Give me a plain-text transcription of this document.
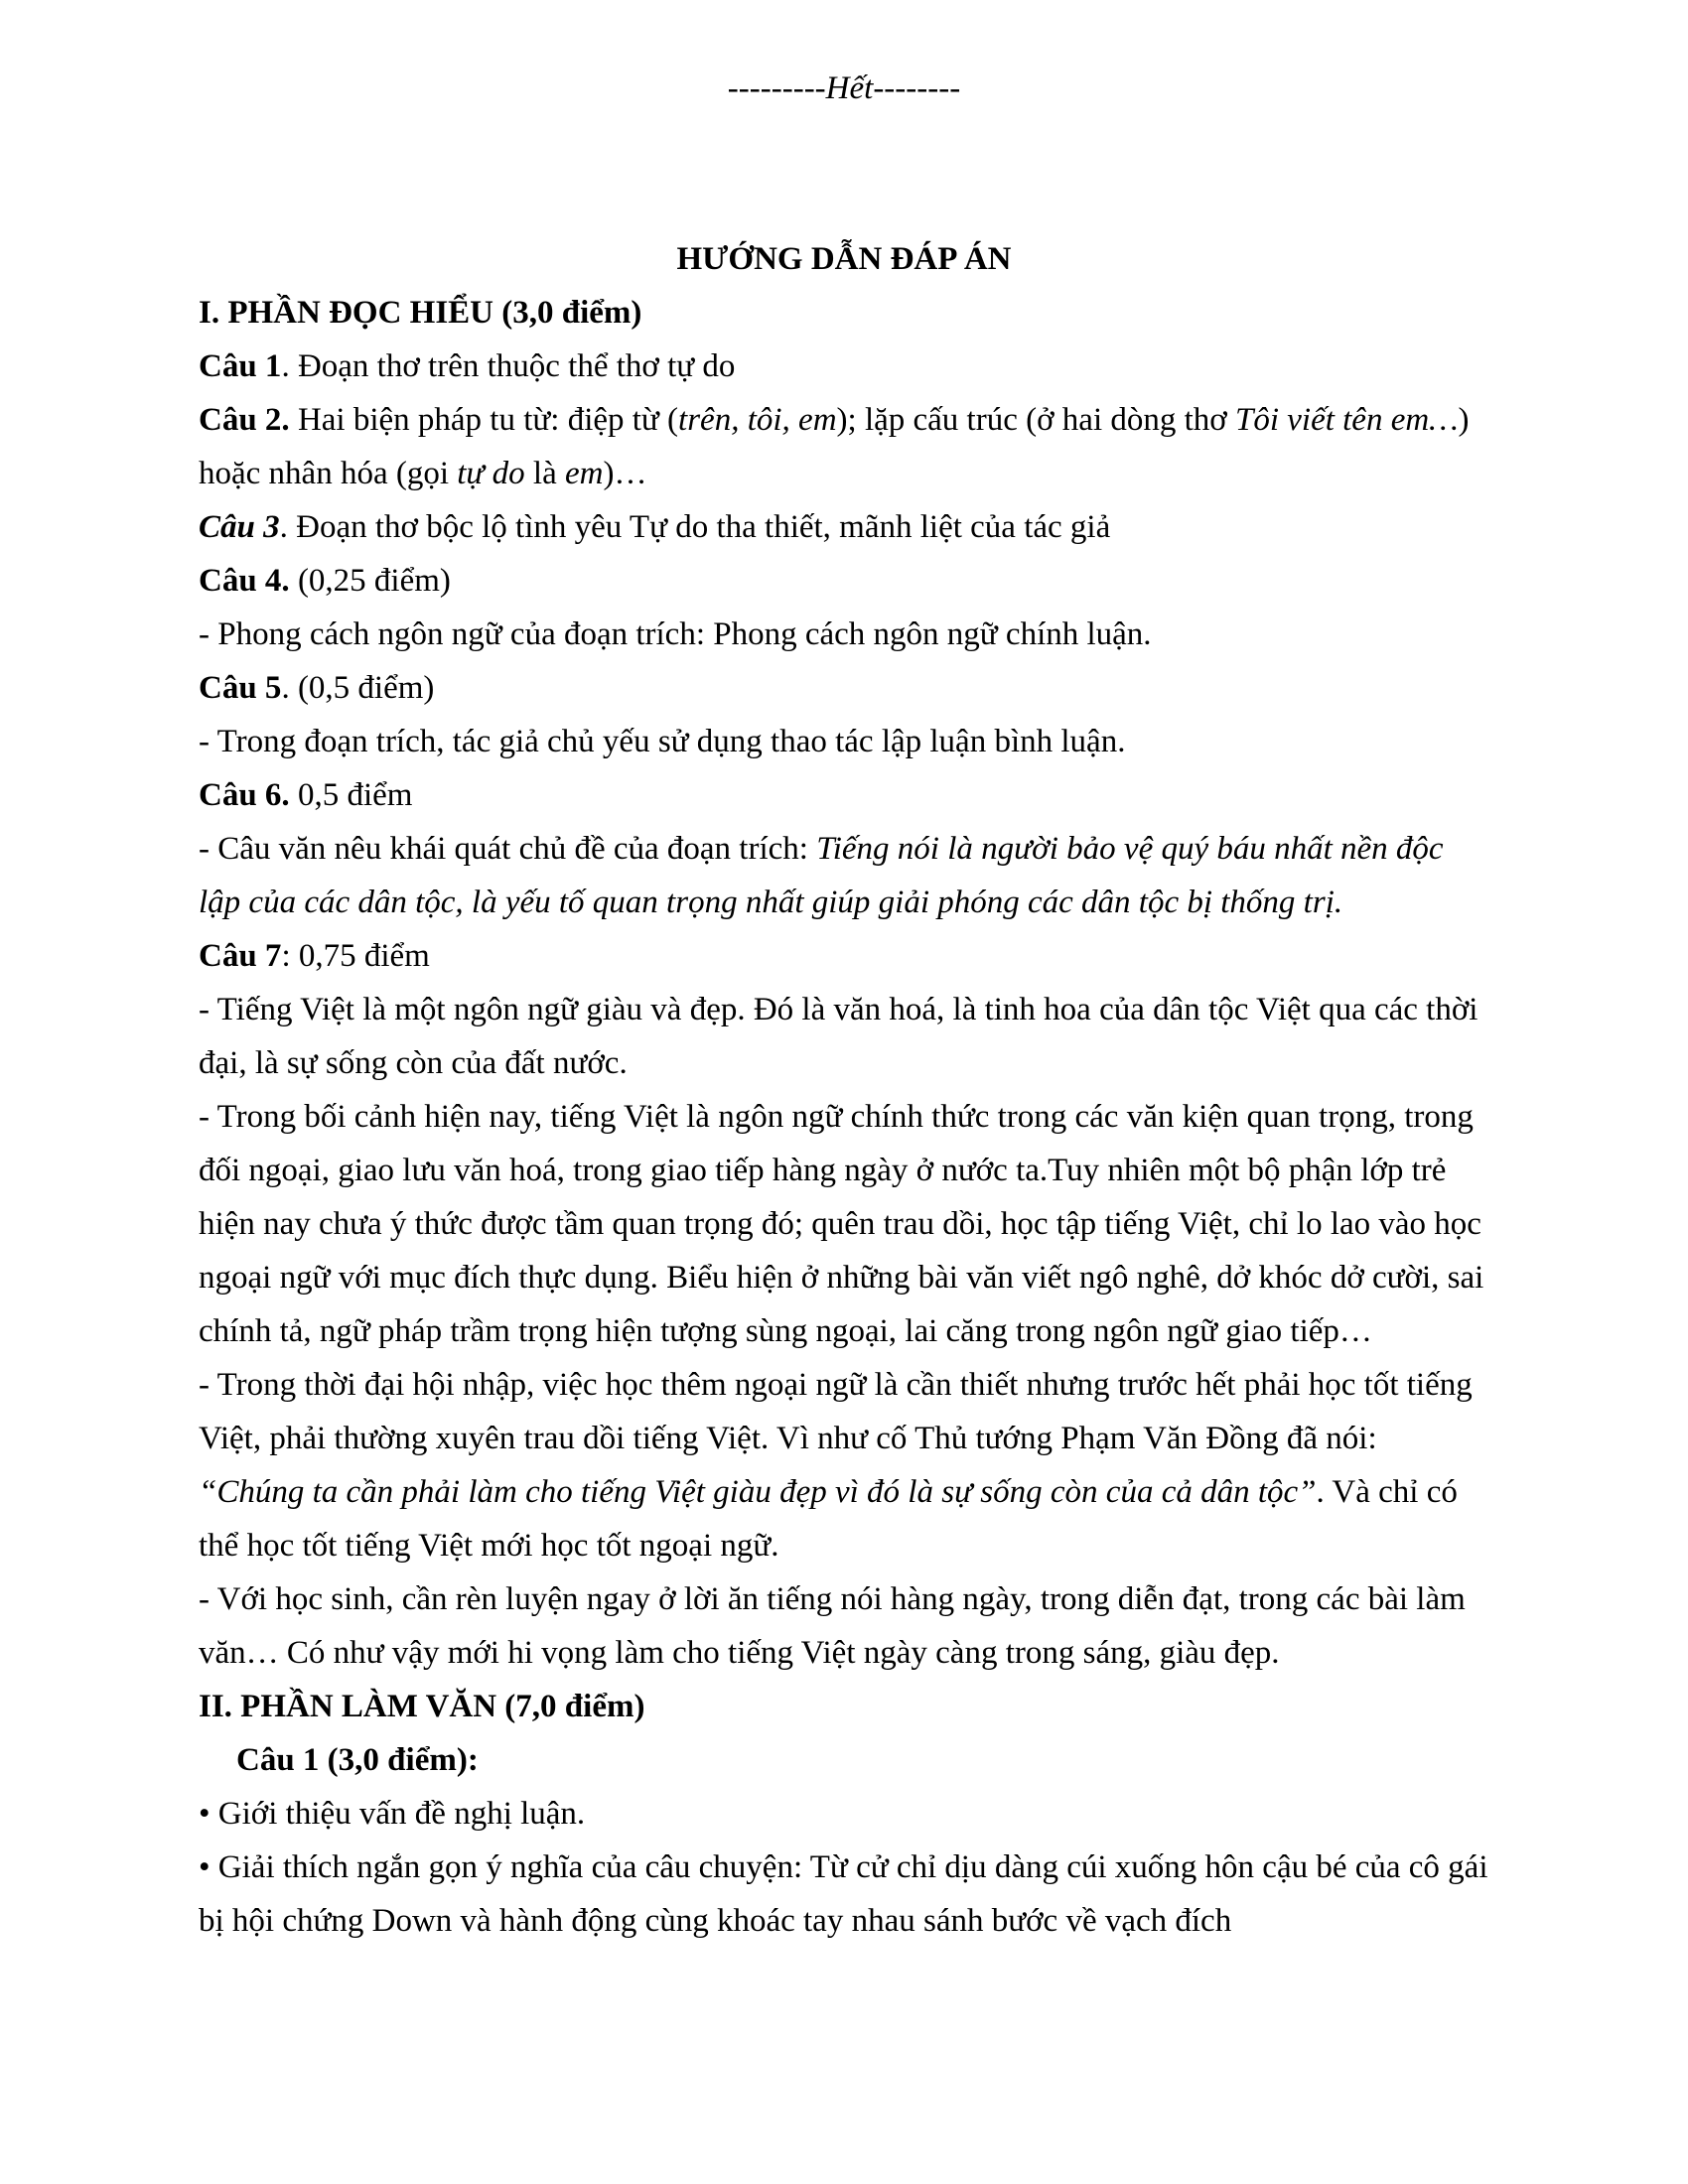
---------Hết--------
HƯỚNG DẪN ĐÁP ÁN
I. PHẦN ĐỌC HIỂU (3,0 điểm)
Câu 1. Đoạn thơ trên thuộc thể thơ tự do
Câu 2. Hai biện pháp tu từ: điệp từ (trên, tôi, em); lặp cấu trúc (ở hai dòng thơ Tôi viết tên em…) hoặc nhân hóa (gọi tự do là em)…
Câu 3. Đoạn thơ bộc lộ tình yêu Tự do tha thiết, mãnh liệt của tác giả
Câu 4. (0,25 điểm)
- Phong cách ngôn ngữ của đoạn trích: Phong cách ngôn ngữ chính luận.
Câu 5. (0,5 điểm)
- Trong đoạn trích, tác giả chủ yếu sử dụng thao tác lập luận bình luận.
Câu 6. 0,5 điểm
- Câu văn nêu khái quát chủ đề của đoạn trích: Tiếng nói là người bảo vệ quý báu nhất nền độc lập của các dân tộc, là yếu tố quan trọng nhất giúp giải phóng các dân tộc bị thống trị.
Câu 7: 0,75 điểm
- Tiếng Việt là một ngôn ngữ giàu và đẹp. Đó là văn hoá, là tinh hoa của dân tộc Việt qua các thời đại, là sự sống còn của đất nước.
- Trong bối cảnh hiện nay, tiếng Việt là ngôn ngữ chính thức trong các văn kiện quan trọng, trong đối ngoại, giao lưu văn hoá, trong giao tiếp hàng ngày ở nước ta.Tuy nhiên một bộ phận lớp trẻ hiện nay chưa ý thức được tầm quan trọng đó; quên trau dồi, học tập tiếng Việt, chỉ lo lao vào học ngoại ngữ với mục đích thực dụng. Biểu hiện ở những bài văn viết ngô nghê, dở khóc dở cười, sai chính tả, ngữ pháp trầm trọng hiện tượng sùng ngoại, lai căng trong ngôn ngữ giao tiếp…
- Trong thời đại hội nhập, việc học thêm ngoại ngữ là cần thiết nhưng trước hết phải học tốt tiếng Việt, phải thường xuyên trau dồi tiếng Việt. Vì như cố Thủ tướng Phạm Văn Đồng đã nói: “Chúng ta cần phải làm cho tiếng Việt giàu đẹp vì đó là sự sống còn của cả dân tộc”. Và chỉ có thể học tốt tiếng Việt mới học tốt ngoại ngữ.
- Với học sinh, cần rèn luyện ngay ở lời ăn tiếng nói hàng ngày, trong diễn đạt, trong các bài làm văn… Có như vậy mới hi vọng làm cho tiếng Việt ngày càng trong sáng, giàu đẹp.
II. PHẦN LÀM VĂN (7,0 điểm)
Câu 1 (3,0 điểm):
• Giới thiệu vấn đề nghị luận.
• Giải thích ngắn gọn ý nghĩa của câu chuyện: Từ cử chỉ dịu dàng cúi xuống hôn cậu bé của cô gái bị hội chứng Down và hành động cùng khoác tay nhau sánh bước về vạch đích
